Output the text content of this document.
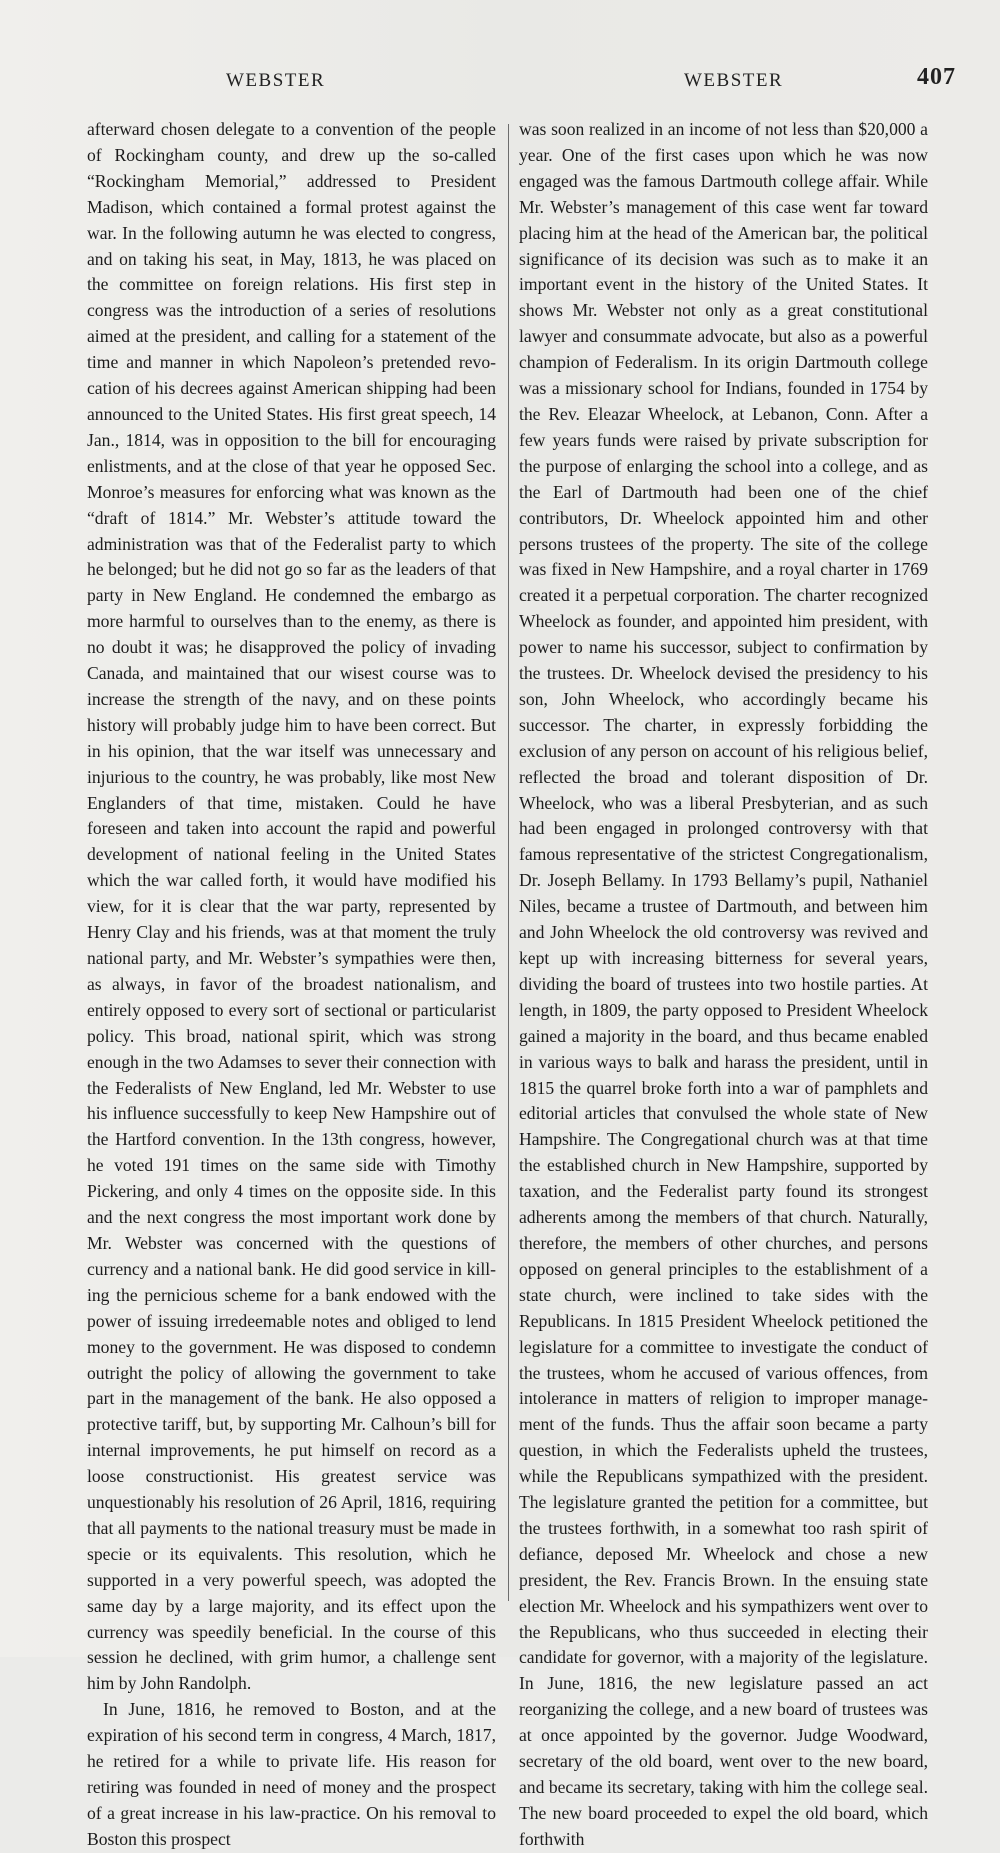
WEBSTER	WEBSTER	407

afterward chosen delegate to a convention of the people of Rockingham county, and drew up the so-called “Rockingham Memorial,” addressed to President Madison, which contained a formal protest against the war. In the following autumn he was elected to congress, and on taking his seat, in May, 1813, he was placed on the committee on foreign relations. His first step in congress was the introduction of a series of resolutions aimed at the president, and calling for a statement of the time and manner in which Napoleon’s pretended revocation of his decrees against American shipping had been announced to the United States. His first great speech, 14 Jan., 1814, was in opposition to the bill for encouraging enlistments, and at the close of that year he opposed Sec. Monroe’s measures for enforcing what was known as the “draft of 1814.” Mr. Webster’s attitude toward the administration was that of the Federalist party to which he belonged; but he did not go so far as the leaders of that party in New England. He condemned the embargo as more harmful to ourselves than to the enemy, as there is no doubt it was; he disapproved the policy of invading Canada, and maintained that our wisest course was to increase the strength of the navy, and on these points history will probably judge him to have been correct. But in his opinion, that the war itself was unnecessary and injurious to the country, he was probably, like most New Englanders of that time, mistaken. Could he have foreseen and taken into account the rapid and powerful development of national feeling in the United States which the war called forth, it would have modified his view, for it is clear that the war party, represented by Henry Clay and his friends, was at that moment the truly national party, and Mr. Webster’s sympathies were then, as always, in favor of the broadest nationalism, and entirely opposed to every sort of sectional or particularist policy. This broad, national spirit, which was strong enough in the two Adamses to sever their connection with the Federalists of New England, led Mr. Webster to use his influence successfully to keep New Hampshire out of the Hartford convention. In the 13th congress, however, he voted 191 times on the same side with Timothy Pickering, and only 4 times on the opposite side. In this and the next congress the most important work done by Mr. Webster was concerned with the questions of currency and a national bank. He did good service in killing the pernicious scheme for a bank endowed with the power of issuing irredeemable notes and obliged to lend money to the government. He was disposed to condemn outright the policy of allowing the government to take part in the management of the bank. He also opposed a protective tariff, but, by supporting Mr. Calhoun’s bill for internal improvements, he put himself on record as a loose constructionist. His greatest service was unquestionably his resolution of 26 April, 1816, requiring that all payments to the national treasury must be made in specie or its equivalents. This resolution, which he supported in a very powerful speech, was adopted the same day by a large majority, and its effect upon the currency was speedily beneficial. In the course of this session he declined, with grim humor, a challenge sent him by John Randolph.

In June, 1816, he removed to Boston, and at the expiration of his second term in congress, 4 March, 1817, he retired for a while to private life. His reason for retiring was founded in need of money and the prospect of a great increase in his law-practice. On his removal to Boston this prospect

was soon realized in an income of not less than $20,000 a year. One of the first cases upon which he was now engaged was the famous Dartmouth college affair. While Mr. Webster’s management of this case went far toward placing him at the head of the American bar, the political significance of its decision was such as to make it an important event in the history of the United States. It shows Mr. Webster not only as a great constitutional lawyer and consummate advocate, but also as a powerful champion of Federalism. In its origin Dartmouth college was a missionary school for Indians, founded in 1754 by the Rev. Eleazar Wheelock, at Lebanon, Conn. After a few years funds were raised by private subscription for the purpose of enlarging the school into a college, and as the Earl of Dartmouth had been one of the chief contributors, Dr. Wheelock appointed him and other persons trustees of the property. The site of the college was fixed in New Hampshire, and a royal charter in 1769 created it a perpetual corporation. The charter recognized Wheelock as founder, and appointed him president, with power to name his successor, subject to confirmation by the trustees. Dr. Wheelock devised the presidency to his son, John Wheelock, who accordingly became his successor. The charter, in expressly forbidding the exclusion of any person on account of his religious belief, reflected the broad and tolerant disposition of Dr. Wheelock, who was a liberal Presbyterian, and as such had been engaged in prolonged controversy with that famous representative of the strictest Congregationalism, Dr. Joseph Bellamy. In 1793 Bellamy’s pupil, Nathaniel Niles, became a trustee of Dartmouth, and between him and John Wheelock the old controversy was revived and kept up with increasing bitterness for several years, dividing the board of trustees into two hostile parties. At length, in 1809, the party opposed to President Wheelock gained a majority in the board, and thus became enabled in various ways to balk and harass the president, until in 1815 the quarrel broke forth into a war of pamphlets and editorial articles that convulsed the whole state of New Hampshire. The Congregational church was at that time the established church in New Hampshire, supported by taxation, and the Federalist party found its strongest adherents among the members of that church. Naturally, therefore, the members of other churches, and persons opposed on general principles to the establishment of a state church, were inclined to take sides with the Republicans. In 1815 President Wheelock petitioned the legislature for a committee to investigate the conduct of the trustees, whom he accused of various offences, from intolerance in matters of religion to improper management of the funds. Thus the affair soon became a party question, in which the Federalists upheld the trustees, while the Republicans sympathized with the president. The legislature granted the petition for a committee, but the trustees forthwith, in a somewhat too rash spirit of defiance, deposed Mr. Wheelock and chose a new president, the Rev. Francis Brown. In the ensuing state election Mr. Wheelock and his sympathizers went over to the Republicans, who thus succeeded in electing their candidate for governor, with a majority of the legislature. In June, 1816, the new legislature passed an act reorganizing the college, and a new board of trustees was at once appointed by the governor. Judge Woodward, secretary of the old board, went over to the new board, and became its secretary, taking with him the college seal. The new board proceeded to expel the old board, which forthwith
